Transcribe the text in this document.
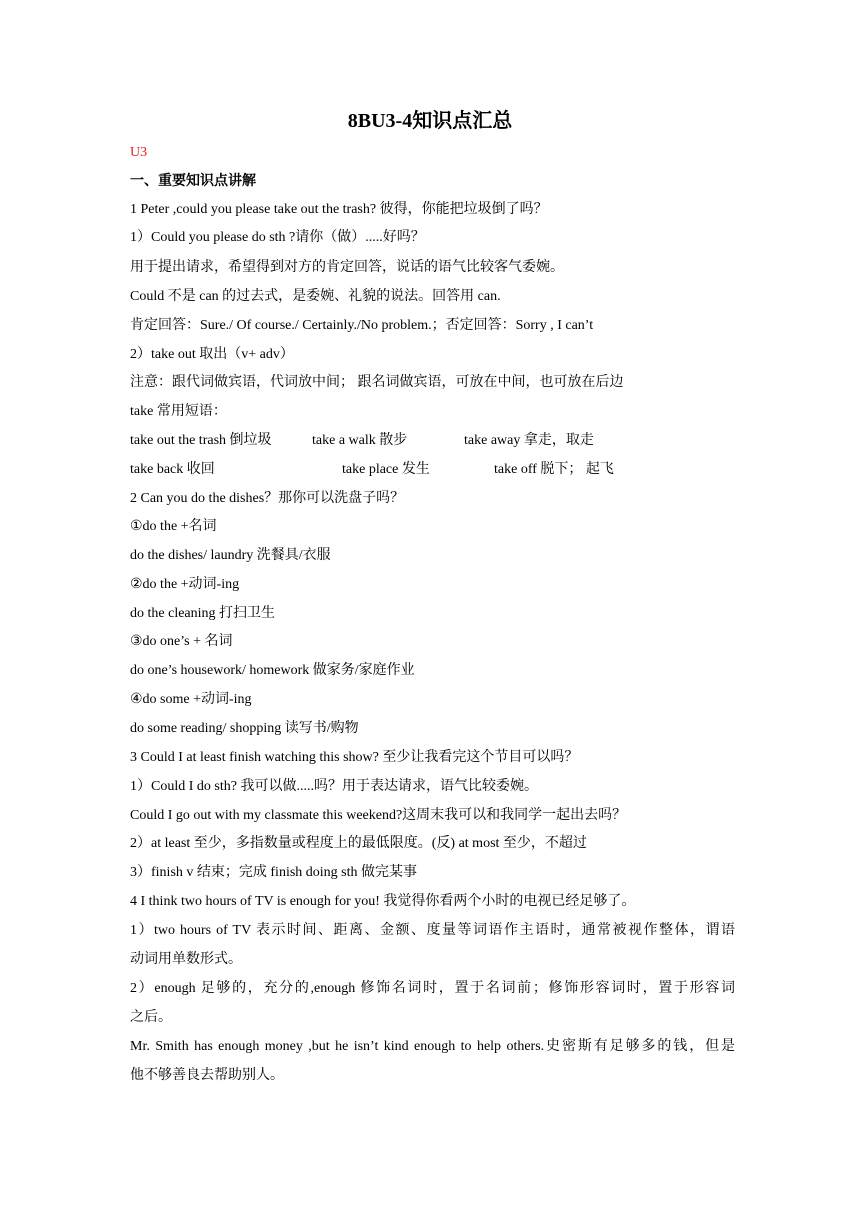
8BU3-4知识点汇总
U3
一、重要知识点讲解
1 Peter ,could you please take out the trash? 彼得，你能把垃圾倒了吗？
1）Could you please do sth ?请你（做）.....好吗？
用于提出请求，希望得到对方的肯定回答，说话的语气比较客气委婉。
Could 不是 can 的过去式，是委婉、礼貌的说法。回答用 can.
肯定回答：Sure./ Of course./ Certainly./No problem.；否定回答：Sorry , I can’t
2）take out 取出（v+ adv）
注意：跟代词做宾语，代词放中间； 跟名词做宾语，可放在中间，也可放在后边
take 常用短语：
take out the trash 倒垃圾	take a walk 散步	take away 拿走，取走
take back 收回	take place 发生	take off 脱下； 起飞
2 Can you do the dishes？那你可以洗盘子吗？
①do the +名词
do the dishes/ laundry 洗餐具/衣服
②do the +动词-ing
do the cleaning 打扫卫生
③do one’s + 名词
do one’s housework/ homework 做家务/家庭作业
④do some +动词-ing
do some reading/ shopping 读写书/购物
3 Could I at least finish watching this show? 至少让我看完这个节目可以吗？
1）Could I do sth? 我可以做.....吗？用于表达请求，语气比较委婉。
Could I go out with my classmate this weekend?这周末我可以和我同学一起出去吗？
2）at least 至少，多指数量或程度上的最低限度。(反) at most 至少，不超过
3）finish v 结束；完成 finish doing sth 做完某事
4 I think two hours of TV is enough for you! 我觉得你看两个小时的电视已经足够了。
1）two hours of TV 表示时间、距离、金额、度量等词语作主语时，通常被视作整体，谓语
动词用单数形式。
2）enough 足够的，充分的,enough 修饰名词时，置于名词前；修饰形容词时，置于形容词
之后。
Mr. Smith has enough money ,but he isn’t kind enough to help others.史密斯有足够多的钱，但是
他不够善良去帮助别人。
